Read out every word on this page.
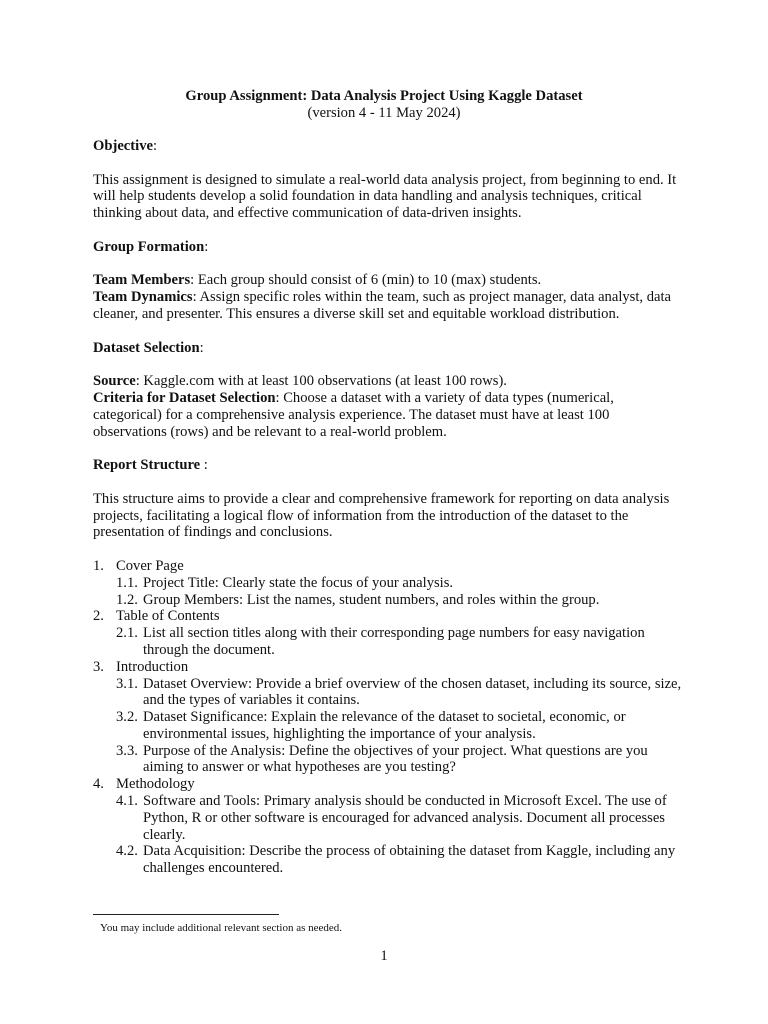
Group Assignment: Data Analysis Project Using Kaggle Dataset
(version 4 - 11 May 2024)

Objective:

This assignment is designed to simulate a real-world data analysis project, from beginning to end. It will help students develop a solid foundation in data handling and analysis techniques, critical thinking about data, and effective communication of data-driven insights.

Group Formation:

Team Members: Each group should consist of 6 (min) to 10 (max) students.

Team Dynamics: Assign specific roles within the team, such as project manager, data analyst, data cleaner, and presenter. This ensures a diverse skill set and equitable workload distribution.

Dataset Selection:

Source: Kaggle.com with at least 100 observations (at least 100 rows).

Criteria for Dataset Selection: Choose a dataset with a variety of data types (numerical, categorical) for a comprehensive analysis experience. The dataset must have at least 100 observations (rows) and be relevant to a real-world problem.

Report Structure :

This structure aims to provide a clear and comprehensive framework for reporting on data analysis projects, facilitating a logical flow of information from the introduction of the dataset to the presentation of findings and conclusions.

1. Cover Page
1.1. Project Title: Clearly state the focus of your analysis.
1.2. Group Members: List the names, student numbers, and roles within the group.
2. Table of Contents
2.1. List all section titles along with their corresponding page numbers for easy navigation through the document.
3. Introduction
3.1. Dataset Overview: Provide a brief overview of the chosen dataset, including its source, size, and the types of variables it contains.
3.2. Dataset Significance: Explain the relevance of the dataset to societal, economic, or environmental issues, highlighting the importance of your analysis.
3.3. Purpose of the Analysis: Define the objectives of your project. What questions are you aiming to answer or what hypotheses are you testing?
4. Methodology
4.1. Software and Tools: Primary analysis should be conducted in Microsoft Excel. The use of Python, R or other software is encouraged for advanced analysis. Document all processes clearly.
4.2. Data Acquisition: Describe the process of obtaining the dataset from Kaggle, including any challenges encountered.
You may include additional relevant section as needed.
1
